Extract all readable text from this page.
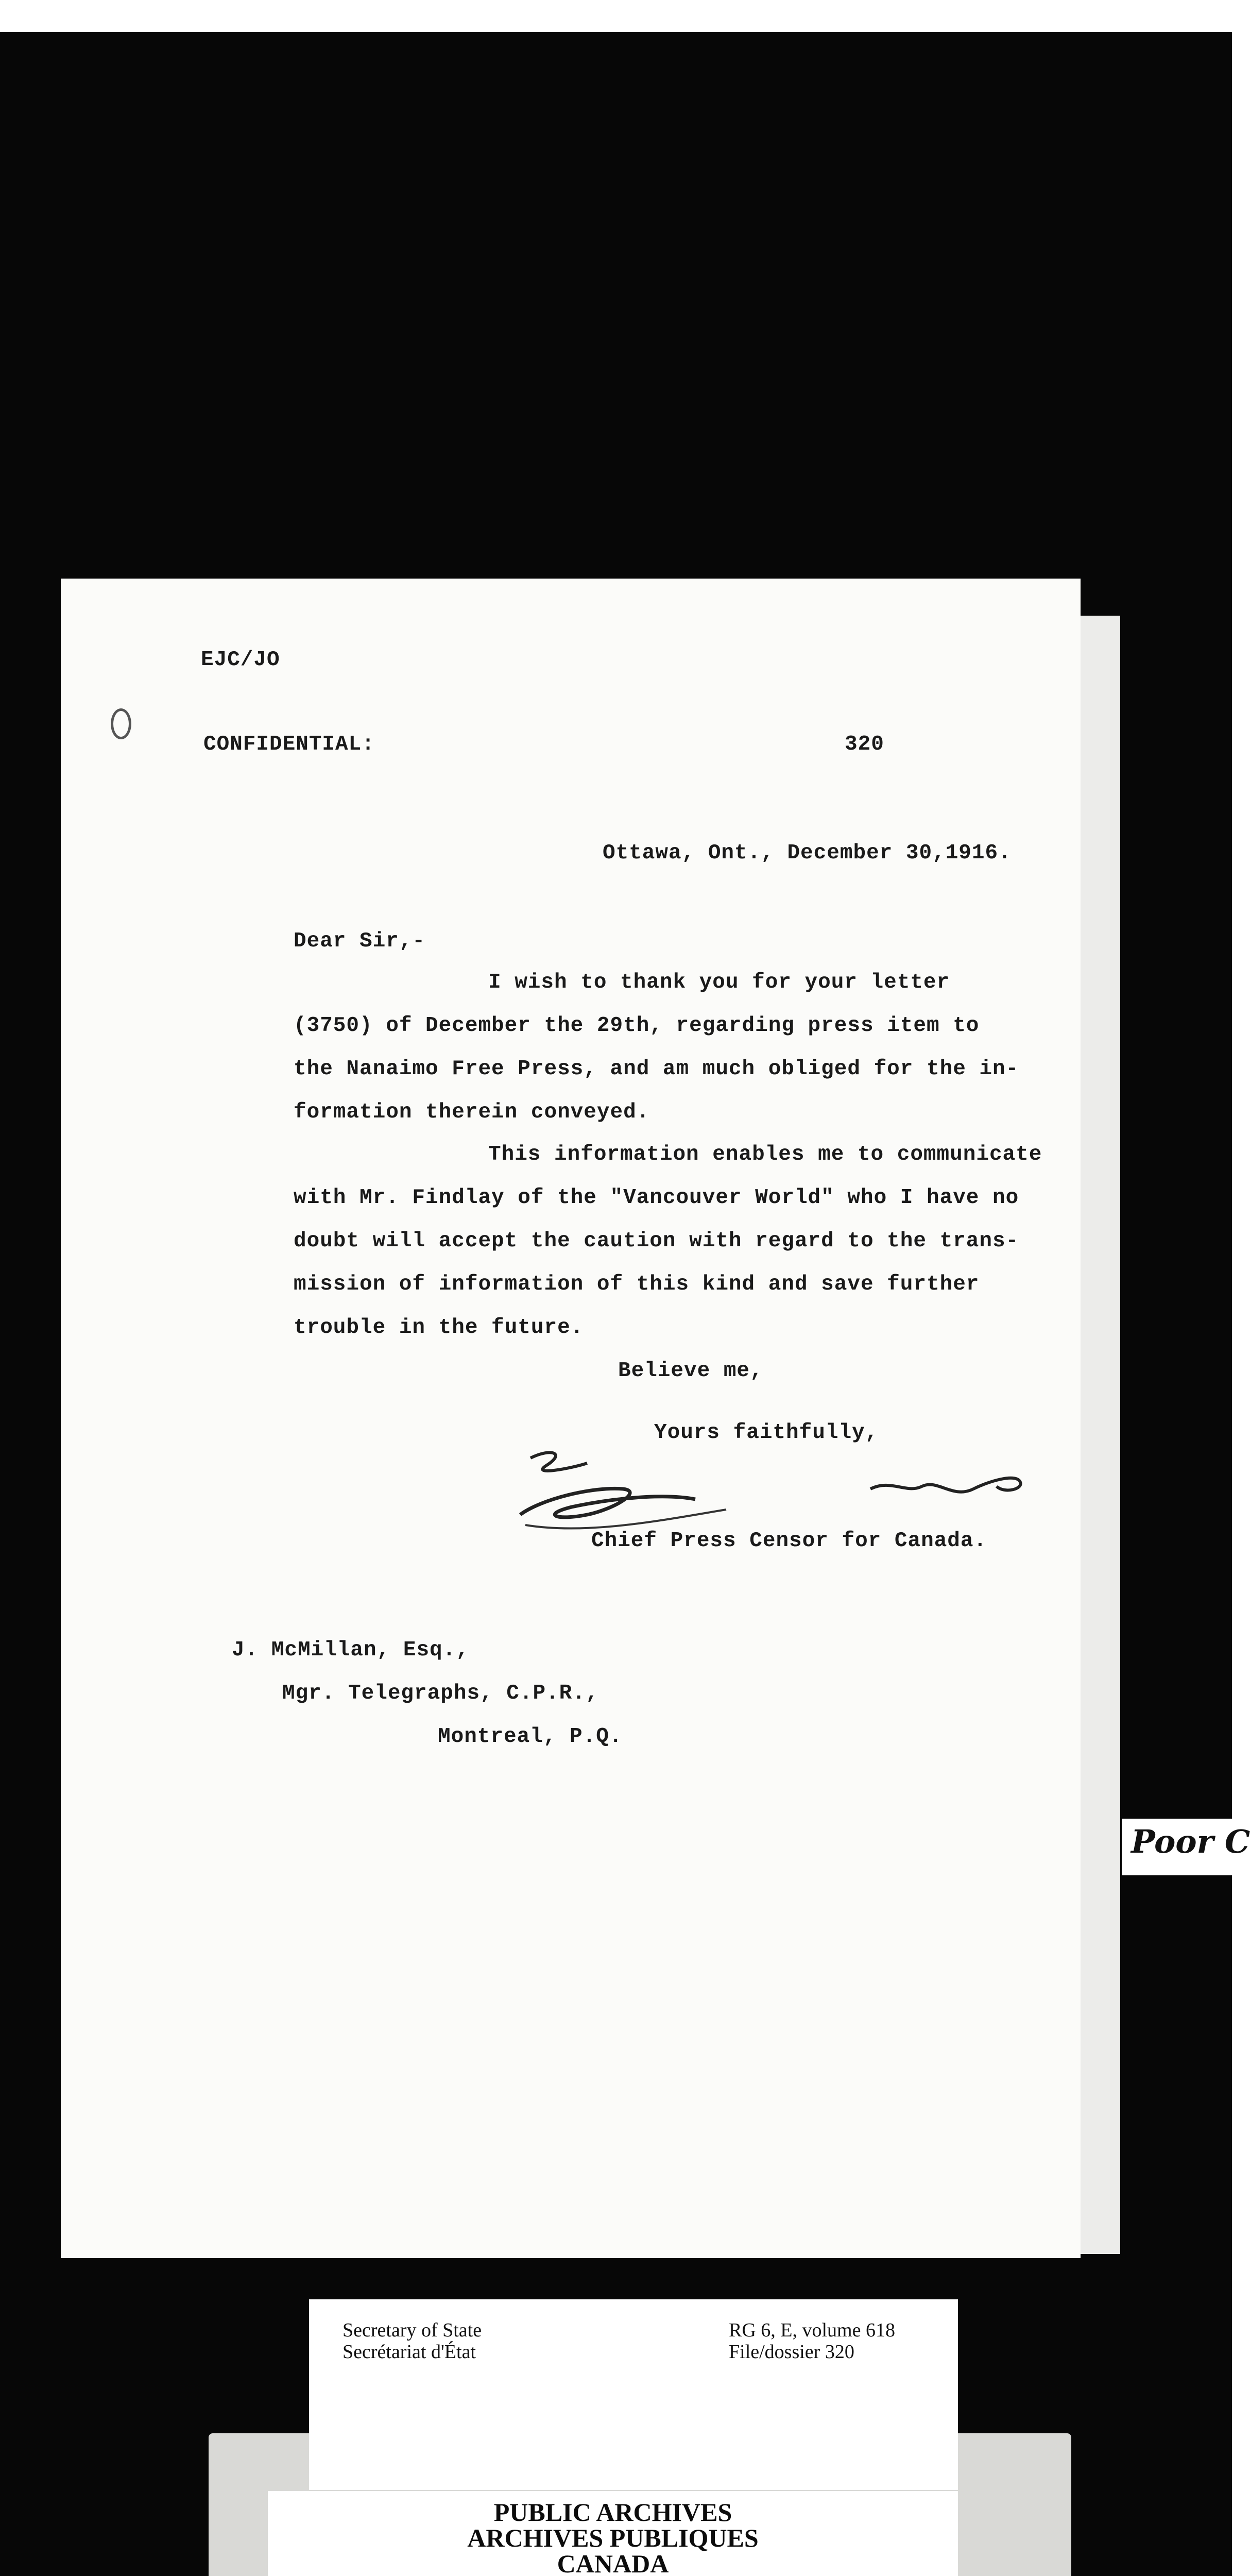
EJC/JO
CONFIDENTIAL:	320
Ottawa, Ont., December 30,1916.
Dear Sir,-
I wish to thank you for your letter
(3750) of December the 29th, regarding press item to
the Nanaimo Free Press, and am much obliged for the in-
formation therein conveyed.
This information enables me to communicate
with Mr. Findlay of the "Vancouver World" who I have no
doubt will accept the caution with regard to the trans-
mission of information of this kind and save further
trouble in the future.
Believe me,
Yours faithfully,
Chief Press Censor for Canada.
J. McMillan, Esq.,
Mgr. Telegraphs, C.P.R.,
Montreal, P.Q.
Poor C
Secretary of State
Secrétariat d'État
RG 6, E, volume 618
File/dossier 320
PUBLIC ARCHIVES
ARCHIVES PUBLIQUES
CANADA
